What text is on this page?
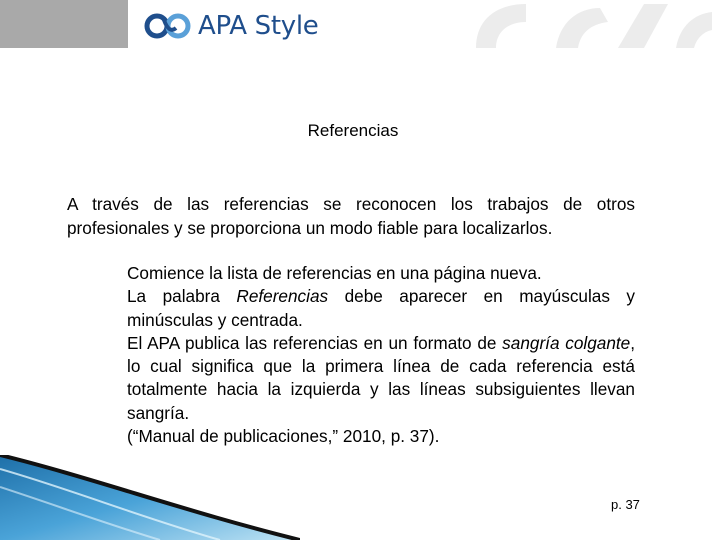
APA Style
Referencias
A través de las referencias se reconocen los trabajos de otros profesionales y se proporciona un modo fiable para localizarlos.

Comience la lista de referencias en una página nueva.

La palabra Referencias debe aparecer en mayúsculas y minúsculas y centrada.

El APA publica las referencias en un formato de sangría colgante, lo cual significa que la primera línea de cada referencia está totalmente hacia la izquierda y las líneas subsiguientes llevan sangría.

(“Manual de publicaciones,” 2010, p. 37).

p. 37
